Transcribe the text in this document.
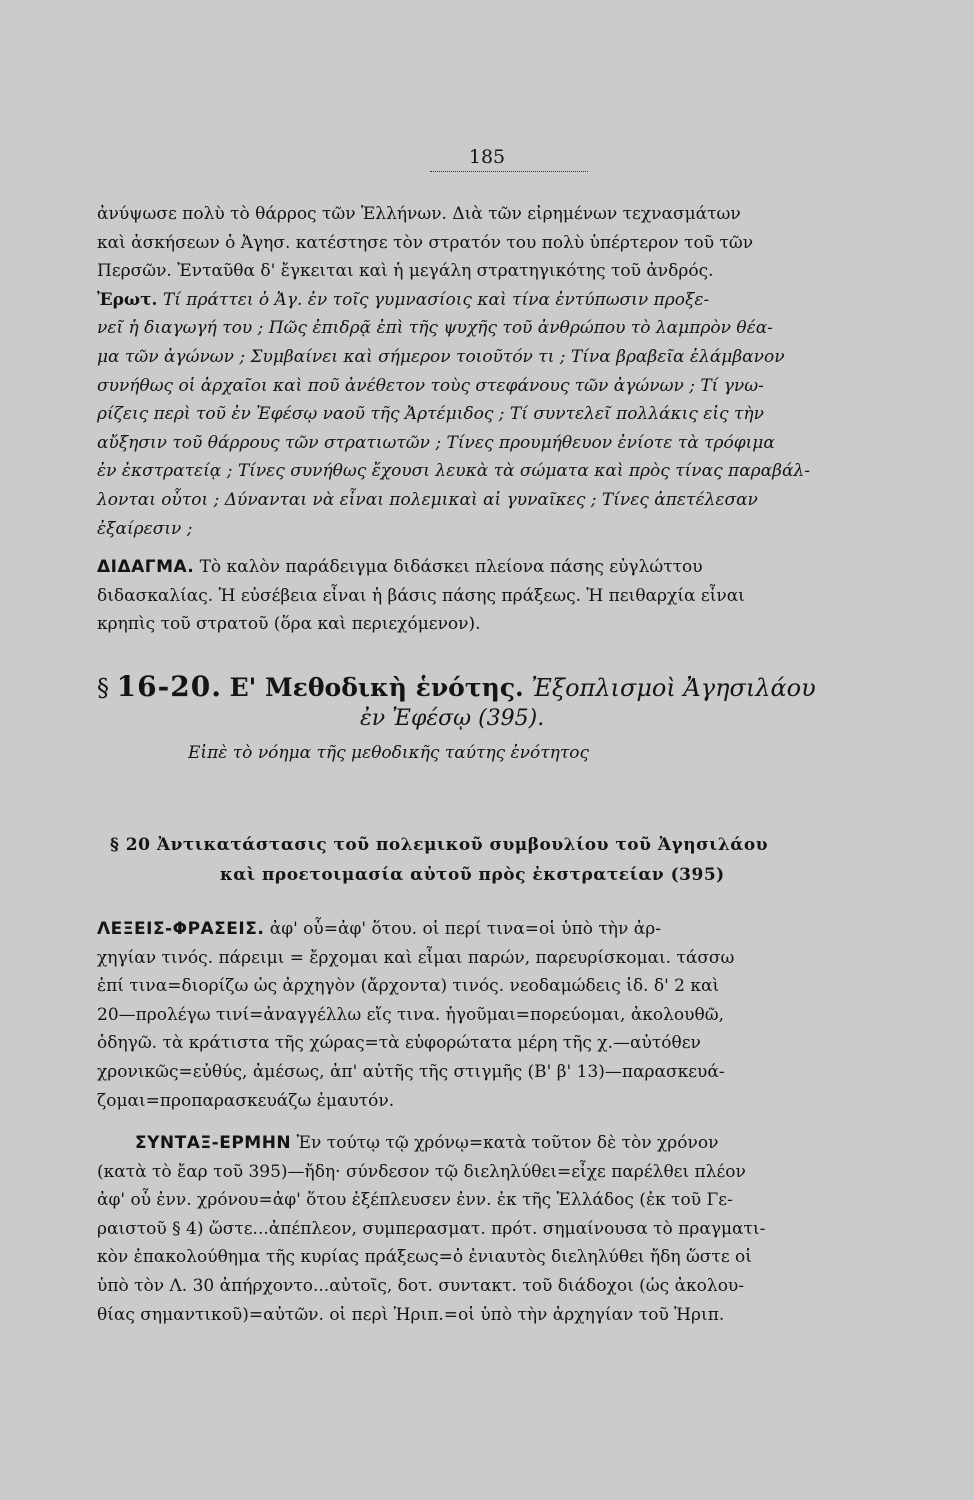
185

ἀνύψωσε πολὺ τὸ θάρρος τῶν Ἑλλήνων. Διὰ τῶν εἰρημένων τεχνασμάτων
καὶ ἀσκήσεων ὁ Ἀγησ. κατέστησε τὸν στρατόν του πολὺ ὑπέρτερον τοῦ τῶν
Περσῶν. Ἐνταῦθα δ' ἔγκειται καὶ ἡ μεγάλη στρατηγικότης τοῦ ἀνδρός.

Ἐρωτ. Τί πράττει ὁ Ἀγ. ἐν τοῖς γυμνασίοις καὶ τίνα ἐντύπωσιν προξε-
νεῖ ἡ διαγωγή του ; Πῶς ἐπιδρᾷ ἐπὶ τῆς ψυχῆς τοῦ ἀνθρώπου τὸ λαμπρὸν θέα-
μα τῶν ἀγώνων ; Συμβαίνει καὶ σήμερον τοιοῦτόν τι ; Τίνα βραβεῖα ἐλάμβανον
συνήθως οἱ ἀρχαῖοι καὶ ποῦ ἀνέθετον τοὺς στεφάνους τῶν ἀγώνων ; Τί γνω-
ρίζεις περὶ τοῦ ἐν Ἐφέσῳ ναοῦ τῆς Ἀρτέμιδος ; Τί συντελεῖ πολλάκις εἰς τὴν
αὔξησιν τοῦ θάρρους τῶν στρατιωτῶν ; Τίνες προυμήθευον ἐνίοτε τὰ τρόφιμα
ἐν ἐκστρατείᾳ ; Τίνες συνήθως ἔχουσι λευκὰ τὰ σώματα καὶ πρὸς τίνας παραβάλ-
λονται οὗτοι ; Δύνανται νὰ εἶναι πολεμικαὶ αἱ γυναῖκες ; Τίνες ἀπετέλεσαν
ἐξαίρεσιν ;

ΔΙΔΑΓΜΑ. Τὸ καλὸν παράδειγμα διδάσκει πλείονα πάσης εὐγλώττου
διδασκαλίας. Ἡ εὐσέβεια εἶναι ἡ βάσις πάσης πράξεως. Ἡ πειθαρχία εἶναι
κρηπὶς τοῦ στρατοῦ (ὅρα καὶ περιεχόμενον).

§ 16-20. Ε' Μεθοδικὴ ἑνότης. Ἐξοπλισμοὶ Ἀγησιλάου
ἐν Ἐφέσῳ (395).
Εἰπὲ τὸ νόημα τῆς μεθοδικῆς ταύτης ἑνότητος
§ 20 Ἀντικατάστασις τοῦ πολεμικοῦ συμβουλίου τοῦ Ἀγησιλάου
καὶ προετοιμασία αὐτοῦ πρὸς ἐκστρατείαν (395)

ΛΕΞΕΙΣ-ΦΡΑΣΕΙΣ. ἀφ' οὗ=ἀφ' ὅτου. οἱ περί τινα=οἱ ὑπὸ τὴν ἀρ-
χηγίαν τινός. πάρειμι = ἔρχομαι καὶ εἶμαι παρών, παρευρίσκομαι. τάσσω
ἐπί τινα=διορίζω ὡς ἀρχηγὸν (ἄρχοντα) τινός. νεοδαμώδεις ἰδ. δ' 2 καὶ
20—προλέγω τινί=ἀναγγέλλω εἴς τινα. ἡγοῦμαι=πορεύομαι, ἀκολουθῶ,
ὁδηγῶ. τὰ κράτιστα τῆς χώρας=τὰ εὐφορώτατα μέρη τῆς χ.—αὐτόθεν
χρονικῶς=εὐθύς, ἀμέσως, ἀπ' αὐτῆς τῆς στιγμῆς (Β' β' 13)—παρασκευά-
ζομαι=προπαρασκευάζω ἐμαυτόν.

ΣΥΝΤΑΞ-ΕΡΜΗΝ Ἐν τούτῳ τῷ χρόνῳ=κατὰ τοῦτον δὲ τὸν χρόνον
(κατὰ τὸ ἔαρ τοῦ 395)—ἤδη· σύνδεσον τῷ διεληλύθει=εἶχε παρέλθει πλέον
ἀφ' οὗ ἐνν. χρόνου=ἀφ' ὅτου ἐξέπλευσεν ἐνν. ἐκ τῆς Ἑλλάδος (ἐκ τοῦ Γε-
ραιστοῦ § 4) ὥστε...ἀπέπλεον, συμπερασματ. πρότ. σημαίνουσα τὸ πραγματι-
κὸν ἐπακολούθημα τῆς κυρίας πράξεως=ὁ ἐνιαυτὸς διεληλύθει ἤδη ὥστε οἱ
ὑπὸ τὸν Λ. 30 ἀπήρχοντο...αὐτοῖς, δοτ. συντακτ. τοῦ διάδοχοι (ὡς ἀκολου-
θίας σημαντικοῦ)=αὐτῶν. οἱ περὶ Ἡριπ.=οἱ ὑπὸ τὴν ἀρχηγίαν τοῦ Ἡριπ.
